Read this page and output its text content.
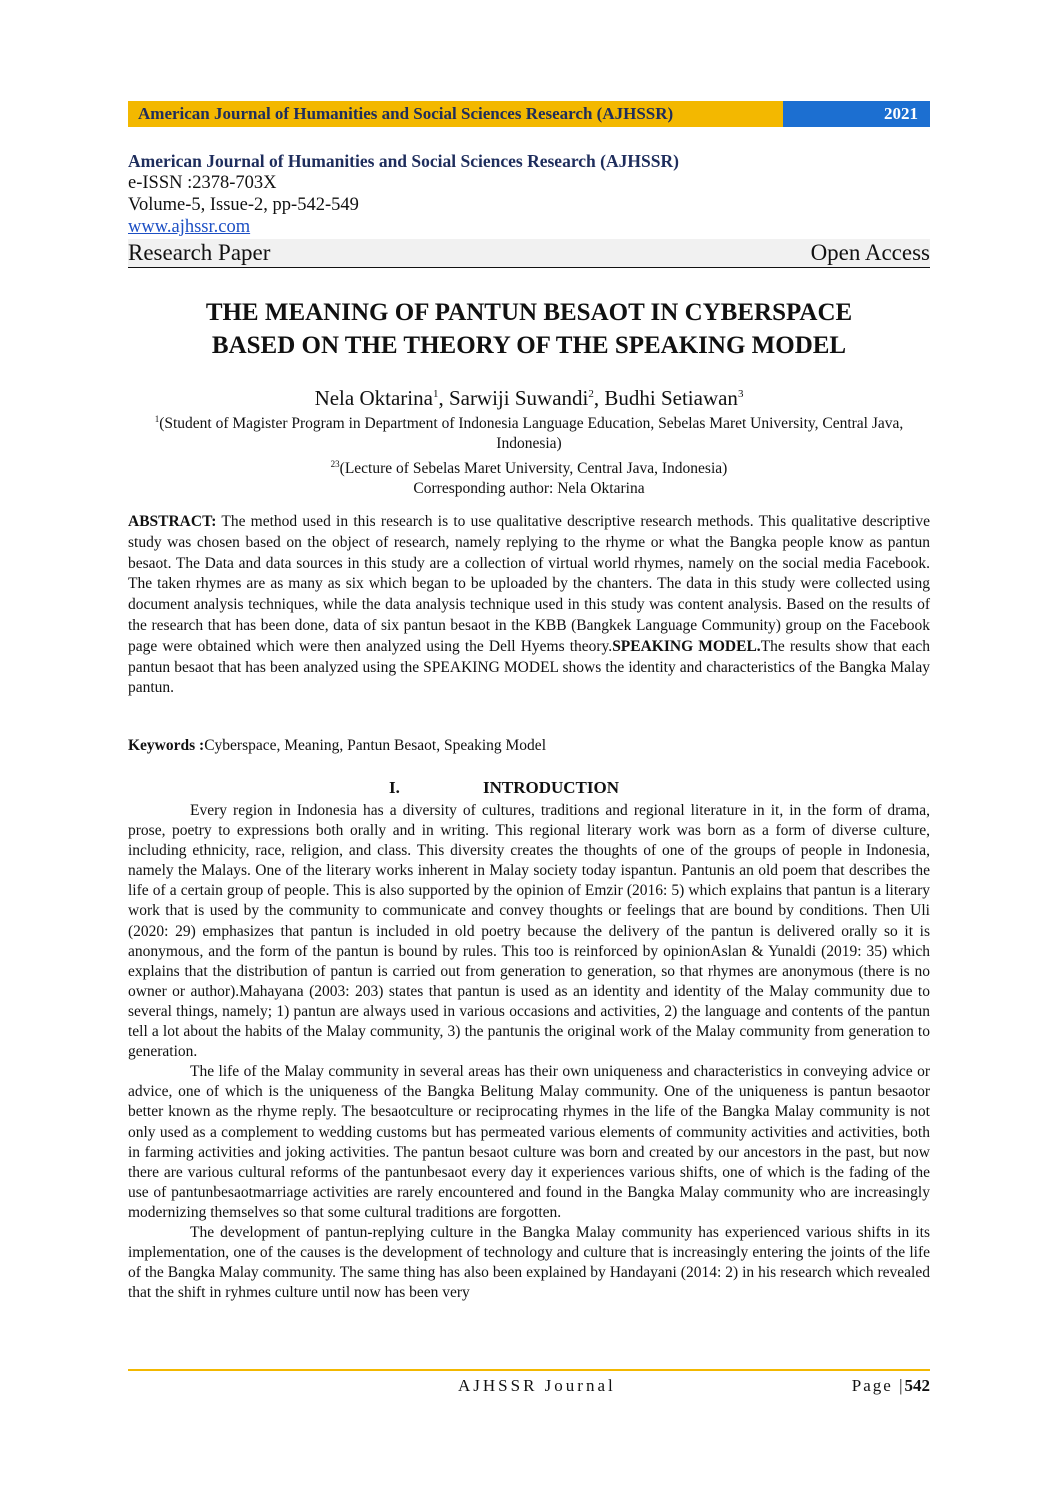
American Journal of Humanities and Social Sciences Research (AJHSSR)	2021
American Journal of Humanities and Social Sciences Research (AJHSSR)
e-ISSN :2378-703X
Volume-5, Issue-2, pp-542-549
www.ajhssr.com
Research Paper	Open Access
THE MEANING OF PANTUN BESAOT IN CYBERSPACE
BASED ON THE THEORY OF THE SPEAKING MODEL
Nela Oktarina$^1$, Sarwiji Suwandi$^2$, Budhi Setiawan$^3$
$^1$(Student of Magister Program in Department of Indonesia Language Education, Sebelas Maret University, Central Java, Indonesia)
$^{23}$(Lecture of Sebelas Maret University, Central Java, Indonesia)
Corresponding author: Nela Oktarina
ABSTRACT: The method used in this research is to use qualitative descriptive research methods. This qualitative descriptive study was chosen based on the object of research, namely replying to the rhyme or what the Bangka people know as pantun besaot. The Data and data sources in this study are a collection of virtual world rhymes, namely on the social media Facebook. The taken rhymes are as many as six which began to be uploaded by the chanters. The data in this study were collected using document analysis techniques, while the data analysis technique used in this study was content analysis. Based on the results of the research that has been done, data of six pantun besaot in the KBB (Bangkek Language Community) group on the Facebook page were obtained which were then analyzed using the Dell Hyems theory.SPEAKING MODEL.The results show that each pantun besaot that has been analyzed using the SPEAKING MODEL shows the identity and characteristics of the Bangka Malay pantun.
Keywords :Cyberspace, Meaning, Pantun Besaot, Speaking Model
I.	INTRODUCTION

Every region in Indonesia has a diversity of cultures, traditions and regional literature in it, in the form of drama, prose, poetry to expressions both orally and in writing. This regional literary work was born as a form of diverse culture, including ethnicity, race, religion, and class. This diversity creates the thoughts of one of the groups of people in Indonesia, namely the Malays. One of the literary works inherent in Malay society today ispantun. Pantunis an old poem that describes the life of a certain group of people. This is also supported by the opinion of Emzir (2016: 5) which explains that pantun is a literary work that is used by the community to communicate and convey thoughts or feelings that are bound by conditions. Then Uli (2020: 29) emphasizes that pantun is included in old poetry because the delivery of the pantun is delivered orally so it is anonymous, and the form of the pantun is bound by rules. This too is reinforced by opinionAslan & Yunaldi (2019: 35) which explains that the distribution of pantun is carried out from generation to generation, so that rhymes are anonymous (there is no owner or author).Mahayana (2003: 203) states that pantun is used as an identity and identity of the Malay community due to several things, namely; 1) pantun are always used in various occasions and activities, 2) the language and contents of the pantun tell a lot about the habits of the Malay community, 3) the pantunis the original work of the Malay community from generation to generation.

The life of the Malay community in several areas has their own uniqueness and characteristics in conveying advice or advice, one of which is the uniqueness of the Bangka Belitung Malay community. One of the uniqueness is pantun besaotor better known as the rhyme reply. The besaotculture or reciprocating rhymes in the life of the Bangka Malay community is not only used as a complement to wedding customs but has permeated various elements of community activities and activities, both in farming activities and joking activities. The pantun besaot culture was born and created by our ancestors in the past, but now there are various cultural reforms of the pantunbesaot every day it experiences various shifts, one of which is the fading of the use of pantunbesaotmarriage activities are rarely encountered and found in the Bangka Malay community who are increasingly modernizing themselves so that some cultural traditions are forgotten.

The development of pantun-replying culture in the Bangka Malay community has experienced various shifts in its implementation, one of the causes is the development of technology and culture that is increasingly entering the joints of the life of the Bangka Malay community. The same thing has also been explained by Handayani (2014: 2) in his research which revealed that the shift in ryhmes culture until now has been very

AJHSSR Journal	Page |542
